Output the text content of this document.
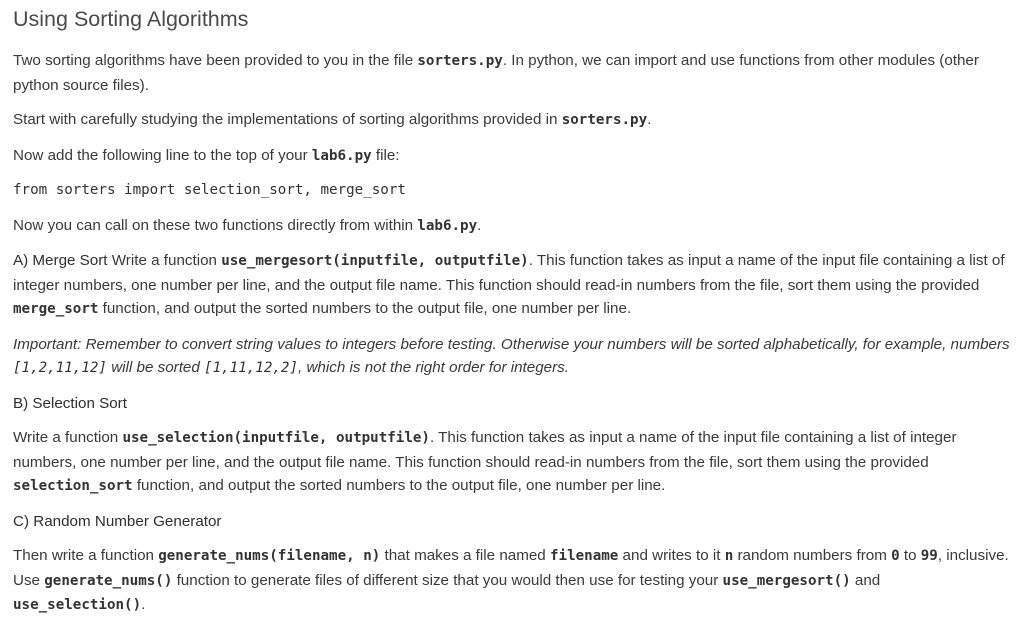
Using Sorting Algorithms

Two sorting algorithms have been provided to you in the file sorters.py. In python, we can import and use functions from other modules (other python source files).

Start with carefully studying the implementations of sorting algorithms provided in sorters.py.

Now add the following line to the top of your lab6.py file:

from sorters import selection_sort, merge_sort

Now you can call on these two functions directly from within lab6.py.

A) Merge Sort Write a function use_mergesort(inputfile, outputfile). This function takes as input a name of the input file containing a list of integer numbers, one number per line, and the output file name. This function should read-in numbers from the file, sort them using the provided merge_sort function, and output the sorted numbers to the output file, one number per line.

Important: Remember to convert string values to integers before testing. Otherwise your numbers will be sorted alphabetically, for example, numbers [1,2,11,12] will be sorted [1,11,12,2], which is not the right order for integers.

B) Selection Sort

Write a function use_selection(inputfile, outputfile). This function takes as input a name of the input file containing a list of integer numbers, one number per line, and the output file name. This function should read-in numbers from the file, sort them using the provided selection_sort function, and output the sorted numbers to the output file, one number per line.

C) Random Number Generator

Then write a function generate_nums(filename, n) that makes a file named filename and writes to it n random numbers from 0 to 99, inclusive. Use generate_nums() function to generate files of different size that you would then use for testing your use_mergesort() and use_selection().
